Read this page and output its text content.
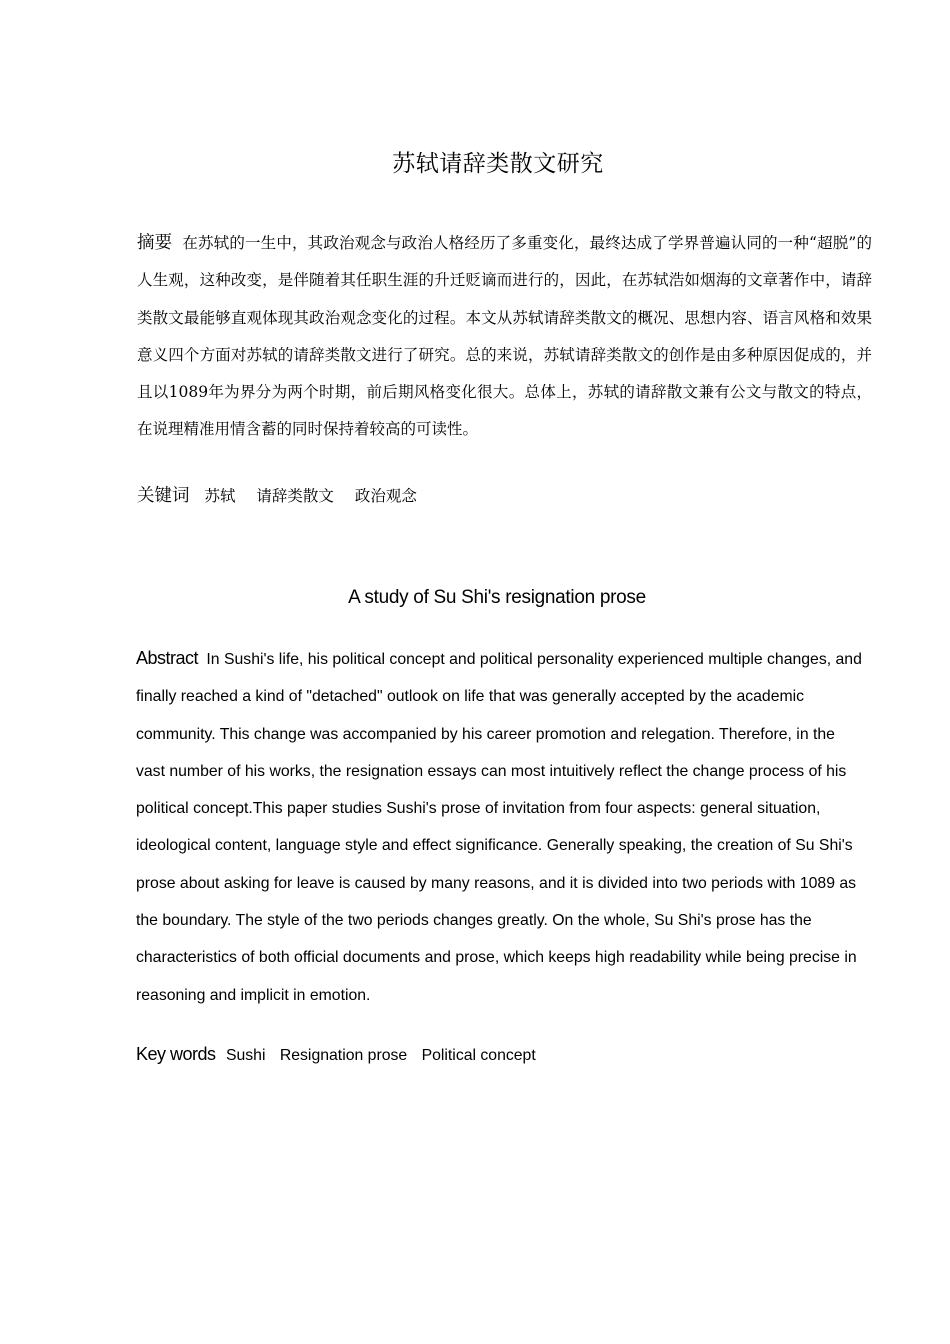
苏轼请辞类散文研究
摘要 在苏轼的一生中，其政治观念与政治人格经历了多重变化，最终达成了学界普遍认同的一种“超脱”的人生观，这种改变，是伴随着其任职生涯的升迁贬谪而进行的，因此，在苏轼浩如烟海的文章著作中，请辞类散文最能够直观体现其政治观念变化的过程。本文从苏轼请辞类散文的概况、思想内容、语言风格和效果意义四个方面对苏轼的请辞类散文进行了研究。总的来说，苏轼请辞类散文的创作是由多种原因促成的，并且以1089年为界分为两个时期，前后期风格变化很大。总体上，苏轼的请辞散文兼有公文与散文的特点，在说理精准用情含蓄的同时保持着较高的可读性。
关键词 苏轼 请辞类散文 政治观念
A study of Su Shi's resignation prose
Abstract In Sushi's life, his political concept and political personality experienced multiple changes, and finally reached a kind of "detached" outlook on life that was generally accepted by the academic community. This change was accompanied by his career promotion and relegation. Therefore, in the vast number of his works, the resignation essays can most intuitively reflect the change process of his political concept.This paper studies Sushi's prose of invitation from four aspects: general situation, ideological content, language style and effect significance. Generally speaking, the creation of Su Shi's prose about asking for leave is caused by many reasons, and it is divided into two periods with 1089 as the boundary. The style of the two periods changes greatly. On the whole, Su Shi's prose has the characteristics of both official documents and prose, which keeps high readability while being precise in reasoning and implicit in emotion.
Key words Sushi Resignation prose Political concept
